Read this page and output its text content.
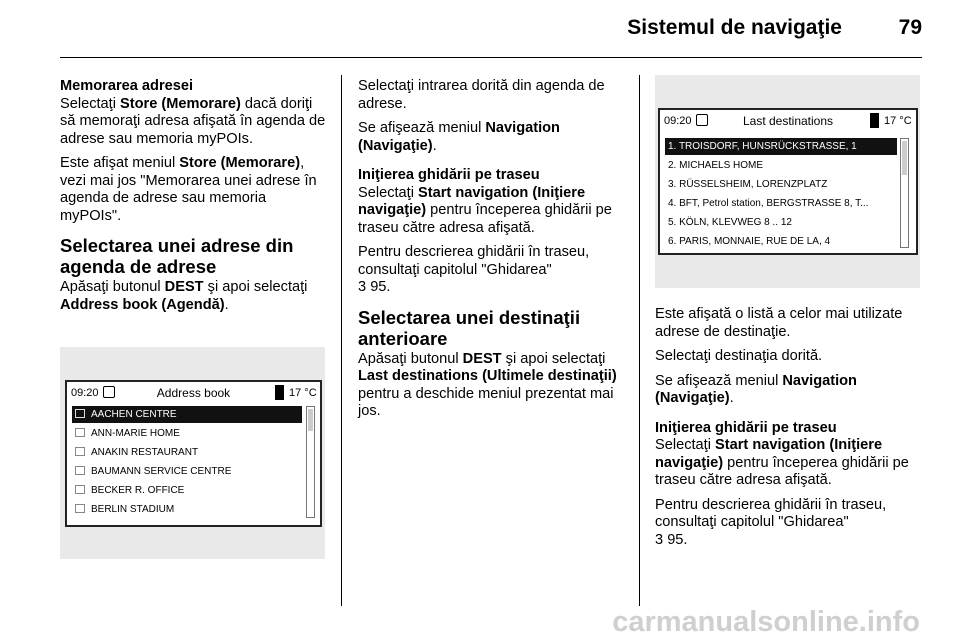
Sistemul de navigaţie	79
Memorarea adresei

Selectaţi Store (Memorare) dacă doriţi să memoraţi adresa afişată în agenda de adrese sau memoria myPOIs.

Este afişat meniul Store (Memorare), vezi mai jos "Memorarea unei adrese în agenda de adrese sau memoria myPOIs".

Selectarea unei adrese din agenda de adrese

Apăsaţi butonul DEST şi apoi selectaţi Address book (Agendă).

09:20	Address book	17 °C
AACHEN CENTRE
ANN-MARIE HOME
ANAKIN RESTAURANT
BAUMANN SERVICE CENTRE
BECKER R. OFFICE
BERLIN STADIUM

Selectaţi intrarea dorită din agenda de adrese.

Se afişează meniul Navigation (Navigaţie).

Iniţierea ghidării pe traseu

Selectaţi Start navigation (Iniţiere navigaţie) pentru începerea ghidării pe traseu către adresa afişată.

Pentru descrierea ghidării în traseu, consultaţi capitolul "Ghidarea"
3 95.

Selectarea unei destinaţii anterioare

Apăsaţi butonul DEST şi apoi selectaţi Last destinations (Ultimele destinaţii) pentru a deschide meniul prezentat mai jos.

09:20	Last destinations	17 °C
1. TROISDORF, HUNSRÜCKSTRASSE, 1
2. MICHAELS HOME
3. RÜSSELSHEIM, LORENZPLATZ
4. BFT, Petrol station, BERGSTRASSE 8, T...
5. KÖLN, KLEVWEG 8 .. 12
6. PARIS, MONNAIE, RUE DE LA, 4

Este afişată o listă a celor mai utilizate adrese de destinaţie.

Selectaţi destinaţia dorită.

Se afişează meniul Navigation (Navigaţie).

Iniţierea ghidării pe traseu

Selectaţi Start navigation (Iniţiere navigaţie) pentru începerea ghidării pe traseu către adresa afişată.

Pentru descrierea ghidării în traseu, consultaţi capitolul "Ghidarea"
3 95.

carmanualsonline.info
